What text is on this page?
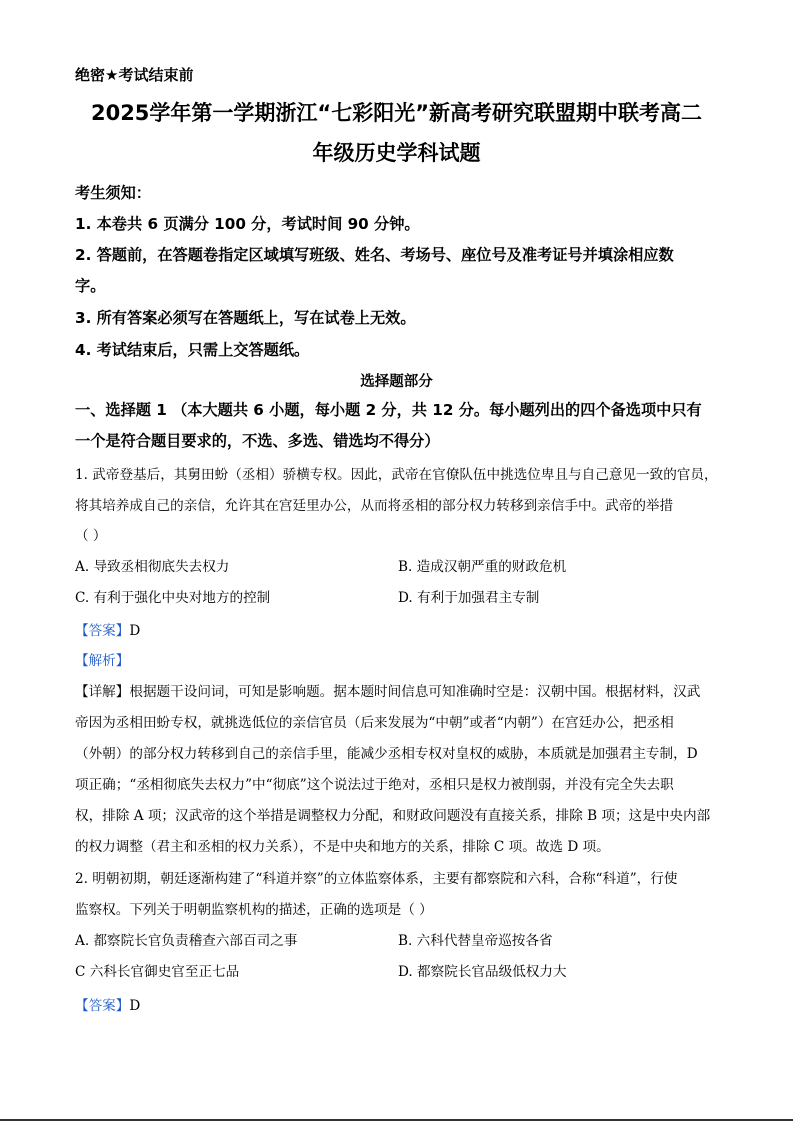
绝密★考试结束前
2025学年第一学期浙江“七彩阳光”新高考研究联盟期中联考高二
年级历史学科试题
考生须知：
1. 本卷共 6 页满分 100 分，考试时间 90 分钟。
2. 答题前，在答题卷指定区域填写班级、姓名、考场号、座位号及准考证号并填涂相应数
字。
3. 所有答案必须写在答题纸上，写在试卷上无效。
4. 考试结束后，只需上交答题纸。
选择题部分
一、选择题 1 （本大题共 6 小题，每小题 2 分，共 12 分。每小题列出的四个备选项中只有
一个是符合题目要求的，不选、多选、错选均不得分）
1. 武帝登基后，其舅田蚡（丞相）骄横专权。因此，武帝在官僚队伍中挑选位卑且与自己意见一致的官员，
将其培养成自己的亲信，允许其在宫廷里办公，从而将丞相的部分权力转移到亲信手中。武帝的举措
（ ）
A. 导致丞相彻底失去权力	B. 造成汉朝严重的财政危机
C. 有利于强化中央对地方的控制	D. 有利于加强君主专制
【答案】D
【解析】
【详解】根据题干设问词，可知是影响题。据本题时间信息可知准确时空是：汉朝中国。根据材料，汉武
帝因为丞相田蚡专权，就挑选低位的亲信官员（后来发展为“中朝”或者“内朝”）在宫廷办公，把丞相
（外朝）的部分权力转移到自己的亲信手里，能减少丞相专权对皇权的威胁，本质就是加强君主专制，D
项正确；“丞相彻底失去权力”中“彻底”这个说法过于绝对，丞相只是权力被削弱，并没有完全失去职
权，排除 A 项；汉武帝的这个举措是调整权力分配，和财政问题没有直接关系，排除 B 项；这是中央内部
的权力调整（君主和丞相的权力关系），不是中央和地方的关系，排除 C 项。故选 D 项。
2. 明朝初期，朝廷逐渐构建了“科道并察”的立体监察体系，主要有都察院和六科，合称“科道”，行使
监察权。下列关于明朝监察机构的描述，正确的选项是（ ）
A. 都察院长官负责稽查六部百司之事	B. 六科代替皇帝巡按各省
C 六科长官御史官至正七品	D. 都察院长官品级低权力大
【答案】D
